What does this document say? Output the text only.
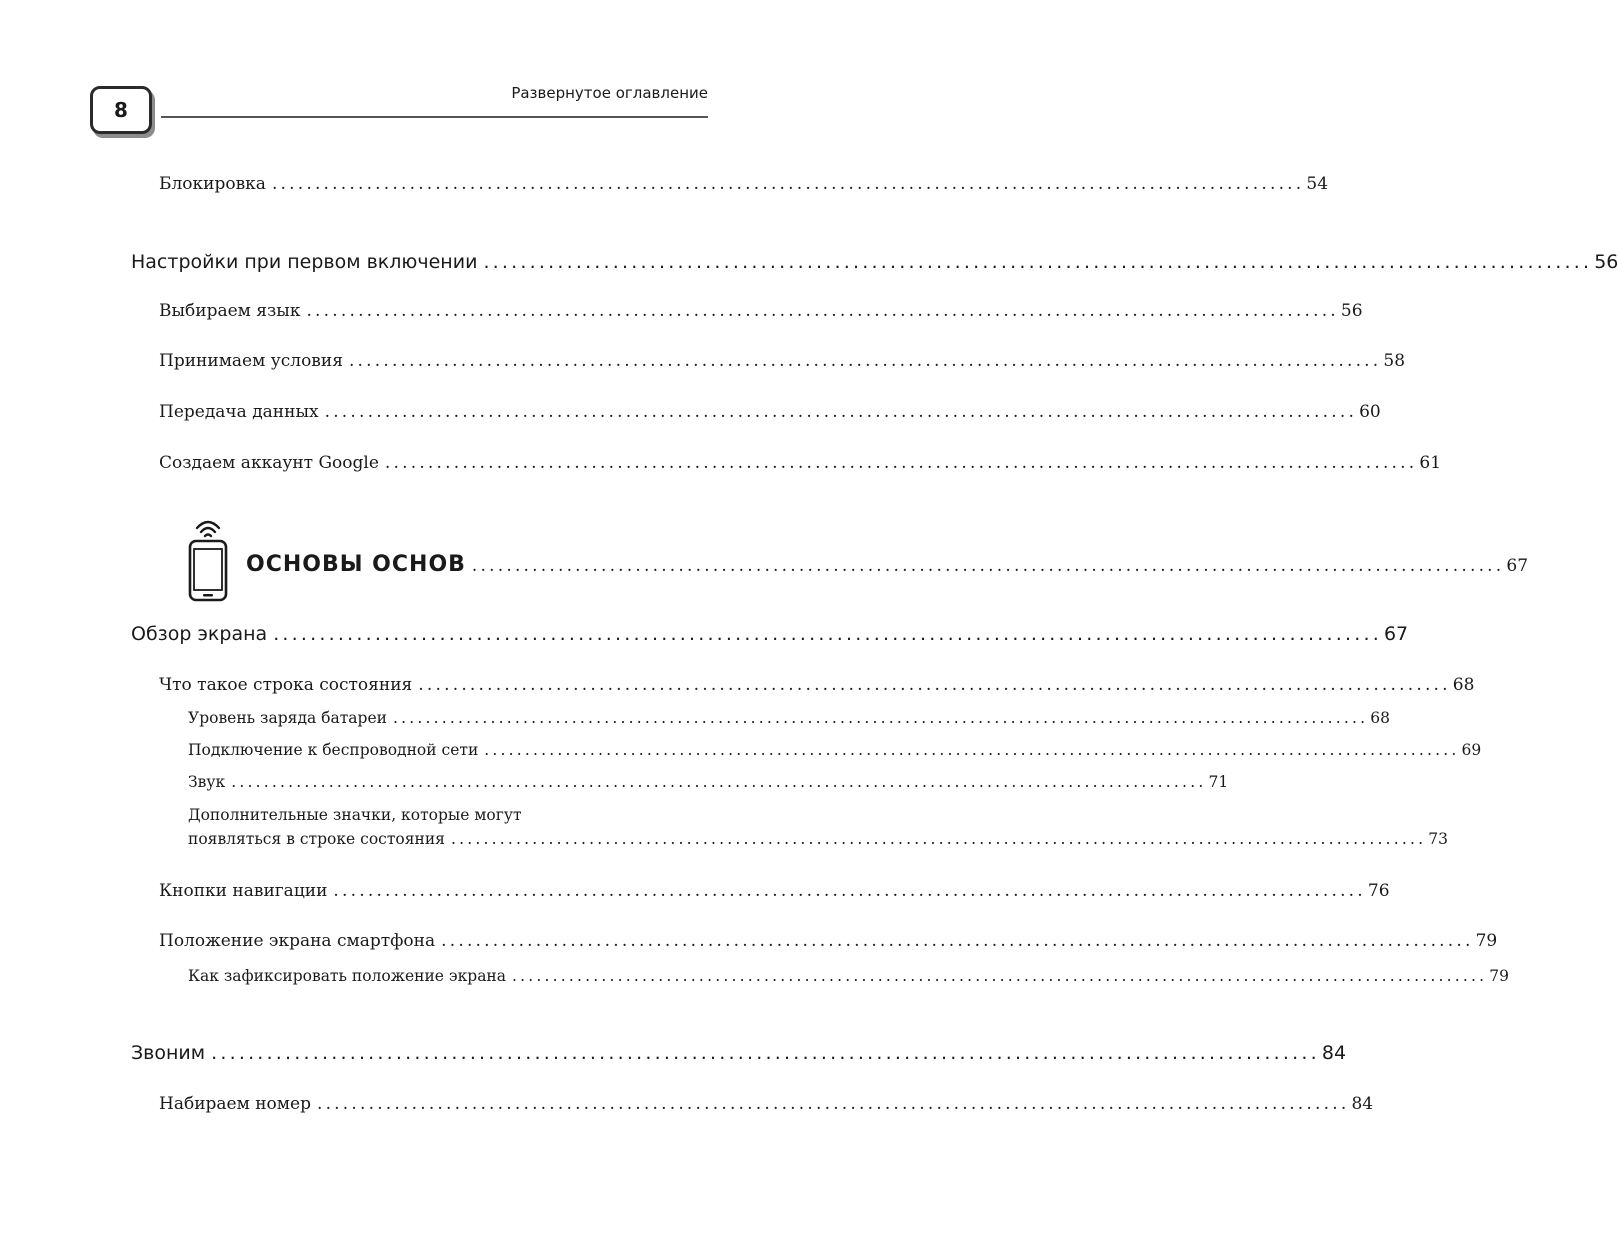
8
Развернутое оглавление
Блокировка ........................................................................................................................ 54
Настройки при первом включении ........................................................................................................................ 56
Выбираем язык ........................................................................................................................ 56
Принимаем условия ........................................................................................................................ 58
Передача данных ........................................................................................................................ 60
Создаем аккаунт Google ........................................................................................................................ 61
ОСНОВЫ ОСНОВ ........................................................................................................................ 67
Обзор экрана ........................................................................................................................ 67
Что такое строка состояния ........................................................................................................................ 68
Уровень заряда батареи ........................................................................................................................ 68
Подключение к беспроводной сети ........................................................................................................................ 69
Звук ........................................................................................................................ 71
Дополнительные значки, которые могут
появляться в строке состояния ........................................................................................................................ 73
Кнопки навигации ........................................................................................................................ 76
Положение экрана смартфона ........................................................................................................................ 79
Как зафиксировать положение экрана ........................................................................................................................ 79
Звоним ........................................................................................................................ 84
Набираем номер ........................................................................................................................ 84
